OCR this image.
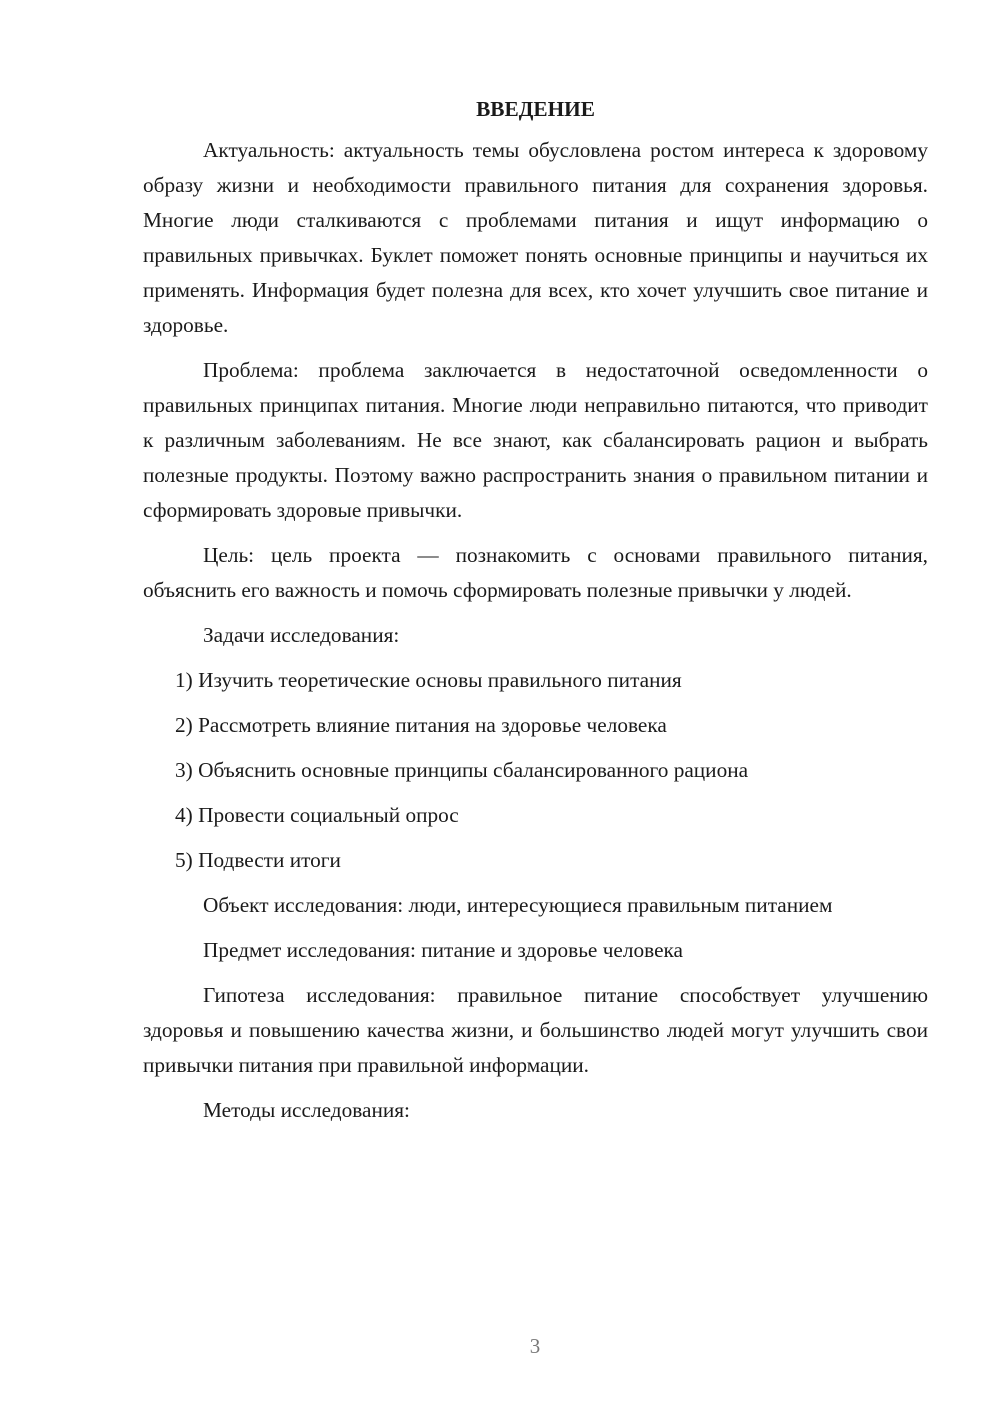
ВВЕДЕНИЕ

Актуальность: актуальность темы обусловлена ростом интереса к здоровому образу жизни и необходимости правильного питания для сохранения здоровья. Многие люди сталкиваются с проблемами питания и ищут информацию о правильных привычках. Буклет поможет понять основные принципы и научиться их применять. Информация будет полезна для всех, кто хочет улучшить свое питание и здоровье.

Проблема: проблема заключается в недостаточной осведомленности о правильных принципах питания. Многие люди неправильно питаются, что приводит к различным заболеваниям. Не все знают, как сбалансировать рацион и выбрать полезные продукты. Поэтому важно распространить знания о правильном питании и сформировать здоровые привычки.

Цель: цель проекта — познакомить с основами правильного питания, объяснить его важность и помочь сформировать полезные привычки у людей.

Задачи исследования:

1) Изучить теоретические основы правильного питания
2) Рассмотреть влияние питания на здоровье человека
3) Объяснить основные принципы сбалансированного рациона
4) Провести социальный опрос
5) Подвести итоги

Объект исследования: люди, интересующиеся правильным питанием

Предмет исследования: питание и здоровье человека

Гипотеза исследования: правильное питание способствует улучшению здоровья и повышению качества жизни, и большинство людей могут улучшить свои привычки питания при правильной информации.

Методы исследования:

3
